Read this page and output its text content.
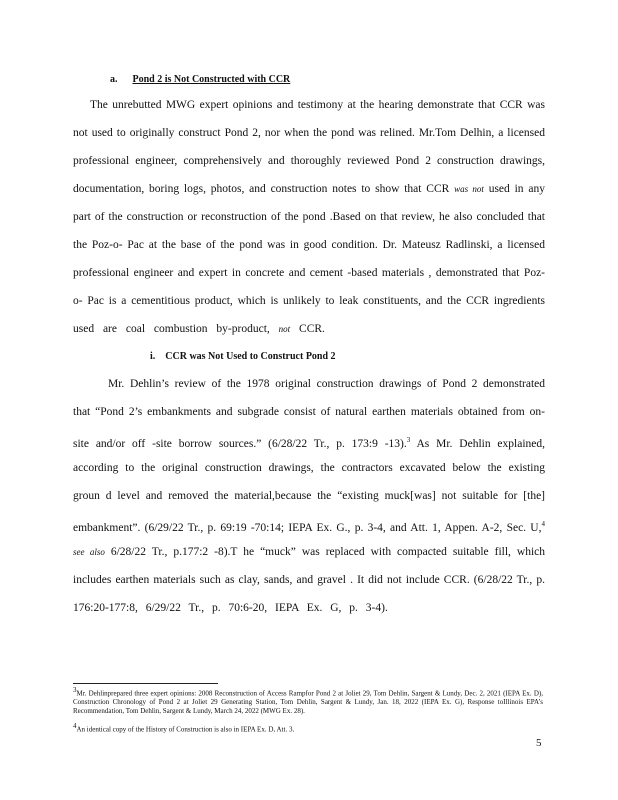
a. Pond 2 is Not Constructed with CCR
The unrebutted MWG expert opinions and testimony at the hearing demonstrate that CCR was
not used to originally construct Pond 2, nor when the pond was relined. Mr.Tom Delhin, a licensed
professional engineer, comprehensively and thoroughly reviewed Pond 2 construction drawings,
documentation, boring logs, photos, and construction notes to show that CCR was not used in any
part of the construction or reconstruction of the pond .Based on that review, he also concluded that
the Poz-o- Pac at the base of the pond was in good condition. Dr. Mateusz Radlinski, a licensed
professional engineer and expert in concrete and cement -based materials , demonstrated that Poz-
o- Pac is a cementitious product, which is unlikely to leak constituents, and the CCR ingredients
used are coal combustion by-product, not CCR.
i. CCR was Not Used to Construct Pond 2
Mr. Dehlin’s review of the 1978 original construction drawings of Pond 2 demonstrated
that “Pond 2’s embankments and subgrade consist of natural earthen materials obtained from on-
site and/or off -site borrow sources.” (6/28/22 Tr., p. 173:9 -13).$^3$ As Mr. Dehlin explained,
according to the original construction drawings, the contractors excavated below the existing
groun d level and removed the material,because the “existing muck[was] not suitable for [the]
embankment”. (6/29/22 Tr., p. 69:19 -70:14; IEPA Ex. G., p. 3-4, and Att. 1, Appen. A-2, Sec. U,$^4$
see also 6/28/22 Tr., p.177:2 -8).T he “muck” was replaced with compacted suitable fill, which
includes earthen materials such as clay, sands, and gravel . It did not include CCR. (6/28/22 Tr., p.
176:20-177:8, 6/29/22 Tr., p. 70:6-20, IEPA Ex. G, p. 3-4).
$^3$Mr. Dehlinprepared three expert opinions: 2008 Reconstruction of Access Rampfor Pond 2 at Joliet 29, Tom Dehlin, Sargent & Lundy, Dec. 2, 2021 (IEPA Ex. D), Construction Chronology of Pond 2 at Joliet 29 Generating Station, Tom Dehlin, Sargent & Lundy, Jan. 18, 2022 (IEPA Ex. G), Response toIllinois EPA’s Recommendation, Tom Dehlin, Sargent & Lundy, March 24, 2022 (MWG Ex. 28).
$^4$An identical copy of the History of Construction is also in IEPA Ex. D, Att. 3.
5
